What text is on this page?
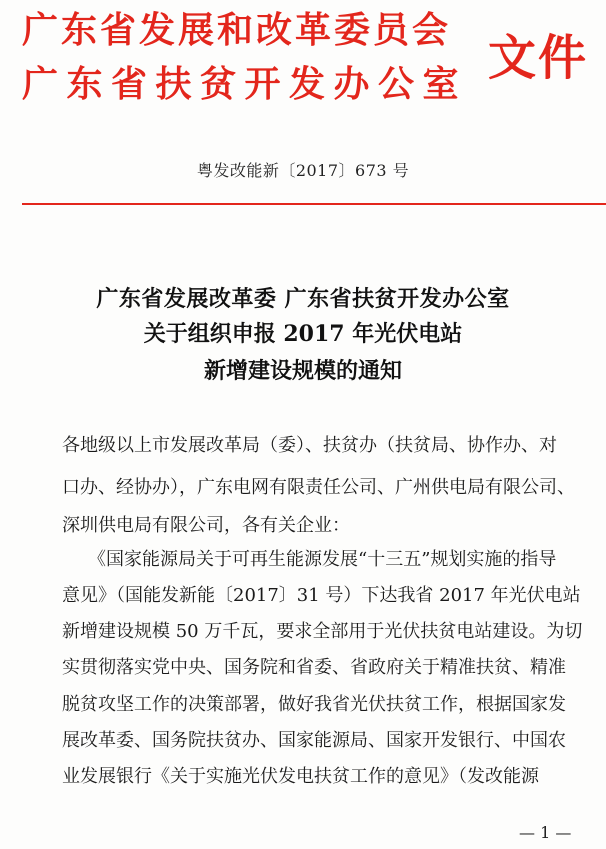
广东省发展和改革委员会
广东省扶贫开发办公室 文件
粤发改能新〔2017〕673 号
广东省发展改革委 广东省扶贫开发办公室
关于组织申报 2017 年光伏电站
新增建设规模的通知
各地级以上市发展改革局（委）、扶贫办（扶贫局、协作办、对
口办、经协办），广东电网有限责任公司、广州供电局有限公司、
深圳供电局有限公司，各有关企业：
《国家能源局关于可再生能源发展“十三五”规划实施的指导
意见》（国能发新能〔2017〕31 号）下达我省 2017 年光伏电站
新增建设规模 50 万千瓦，要求全部用于光伏扶贫电站建设。为切
实贯彻落实党中央、国务院和省委、省政府关于精准扶贫、精准
脱贫攻坚工作的决策部署，做好我省光伏扶贫工作，根据国家发
展改革委、国务院扶贫办、国家能源局、国家开发银行、中国农
业发展银行《关于实施光伏发电扶贫工作的意见》（发改能源
— 1 —
